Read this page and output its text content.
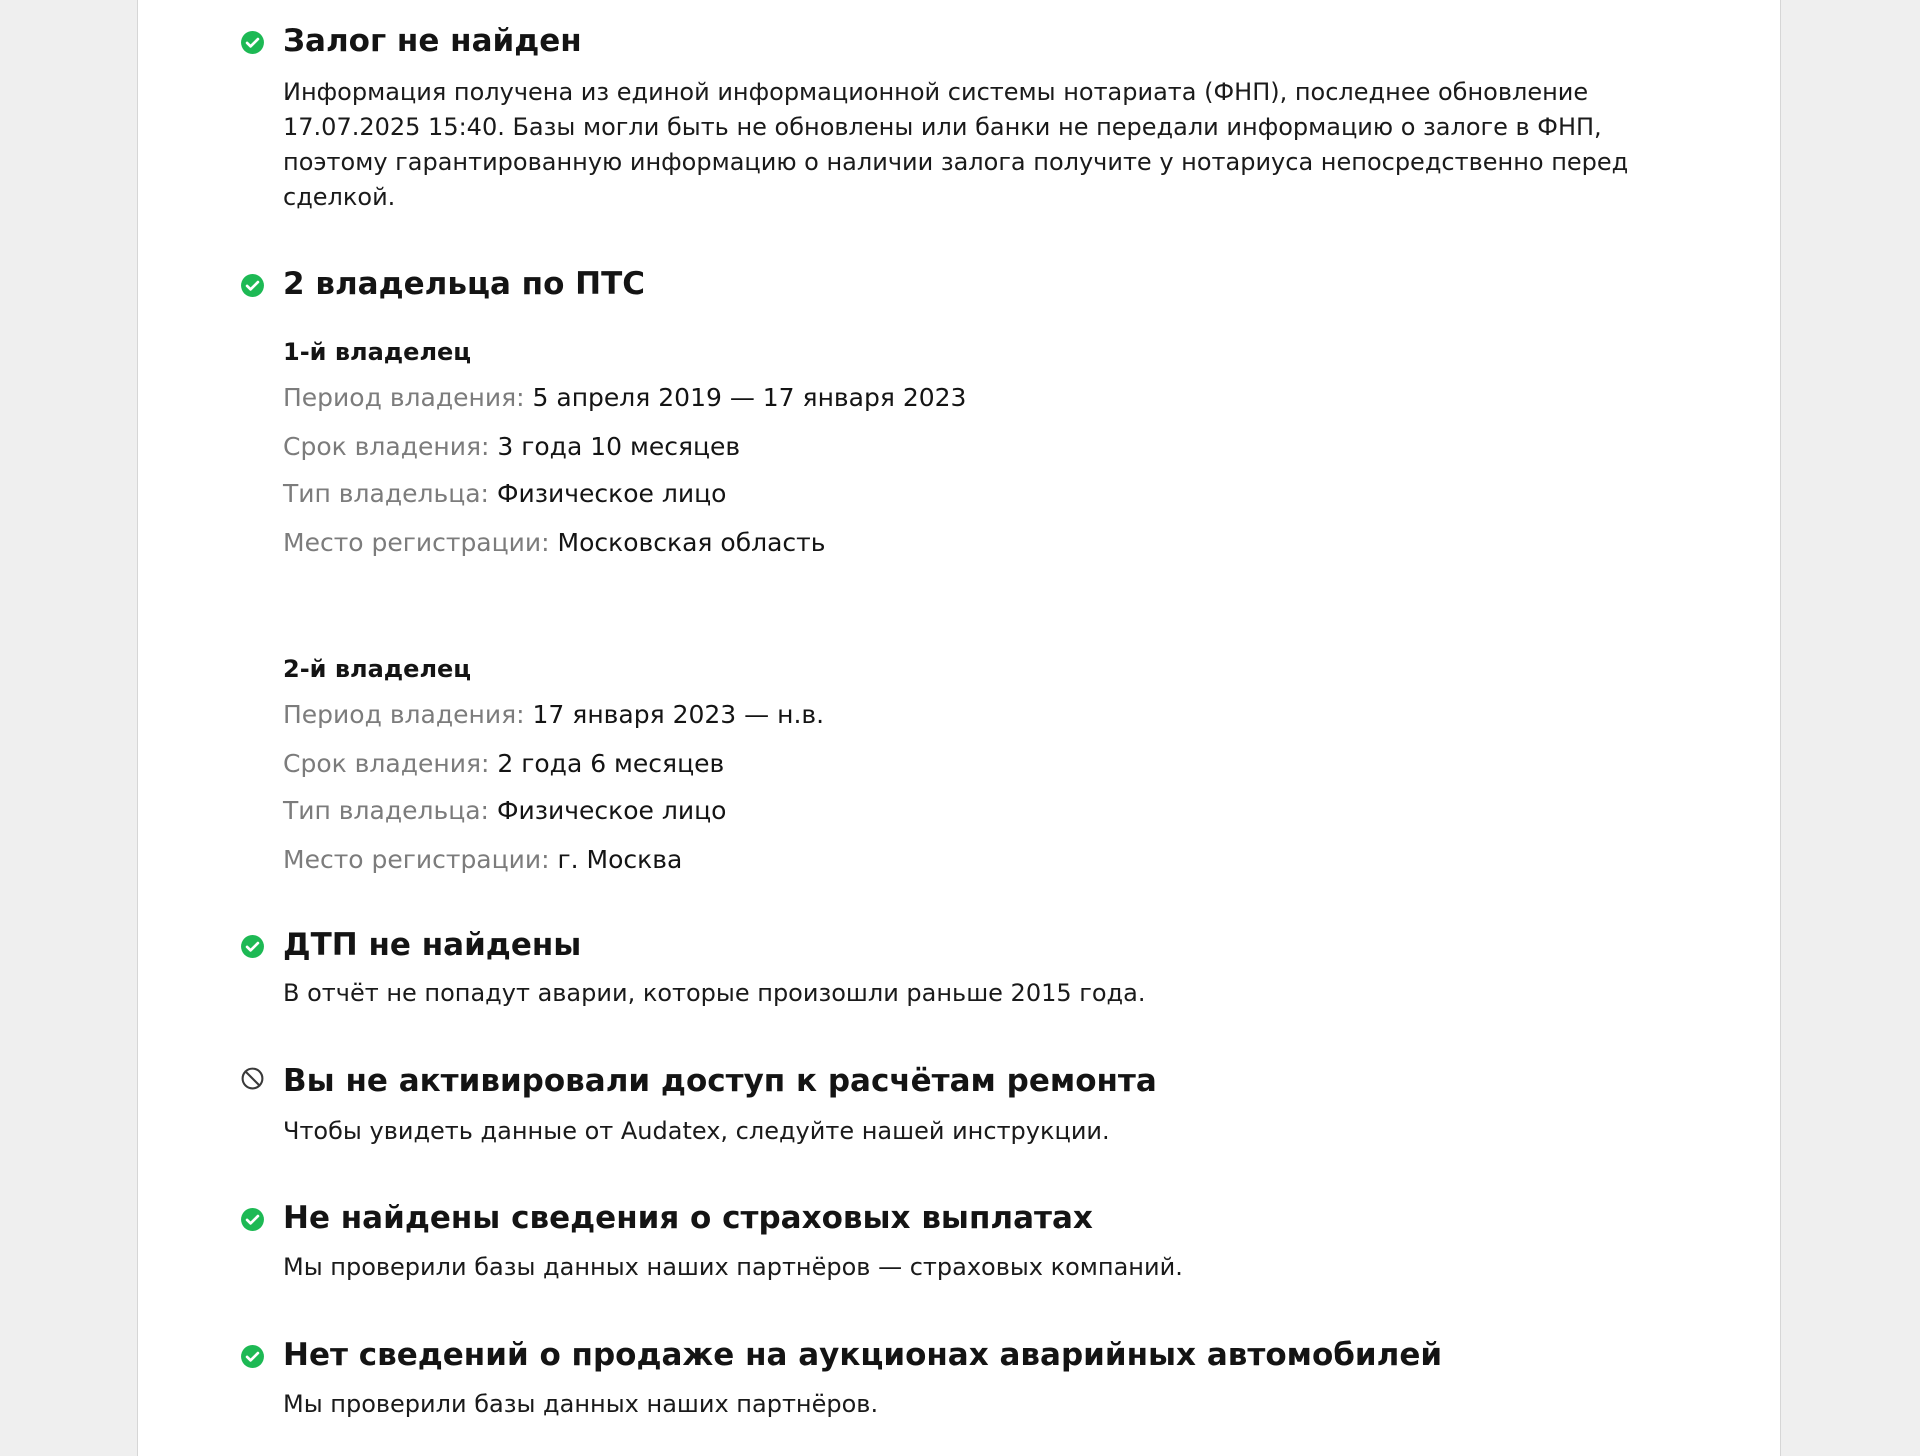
Залог не найден

Информация получена из единой информационной системы нотариата (ФНП), последнее обновление 17.07.2025 15:40. Базы могли быть не обновлены или банки не передали информацию о залоге в ФНП, поэтому гарантированную информацию о наличии залога получите у нотариуса непосредственно перед сделкой.

2 владельца по ПТС
1-й владелец

Период владения: 5 апреля 2019 — 17 января 2023

Срок владения: 3 года 10 месяцев

Тип владельца: Физическое лицо

Место регистрации: Московская область

2-й владелец

Период владения: 17 января 2023 — н.в.

Срок владения: 2 года 6 месяцев

Тип владельца: Физическое лицо

Место регистрации: г. Москва

ДТП не найдены

В отчёт не попадут аварии, которые произошли раньше 2015 года.

Вы не активировали доступ к расчётам ремонта

Чтобы увидеть данные от Audatex, следуйте нашей инструкции.

Не найдены сведения о страховых выплатах

Мы проверили базы данных наших партнёров — страховых компаний.

Нет сведений о продаже на аукционах аварийных автомобилей

Мы проверили базы данных наших партнёров.
